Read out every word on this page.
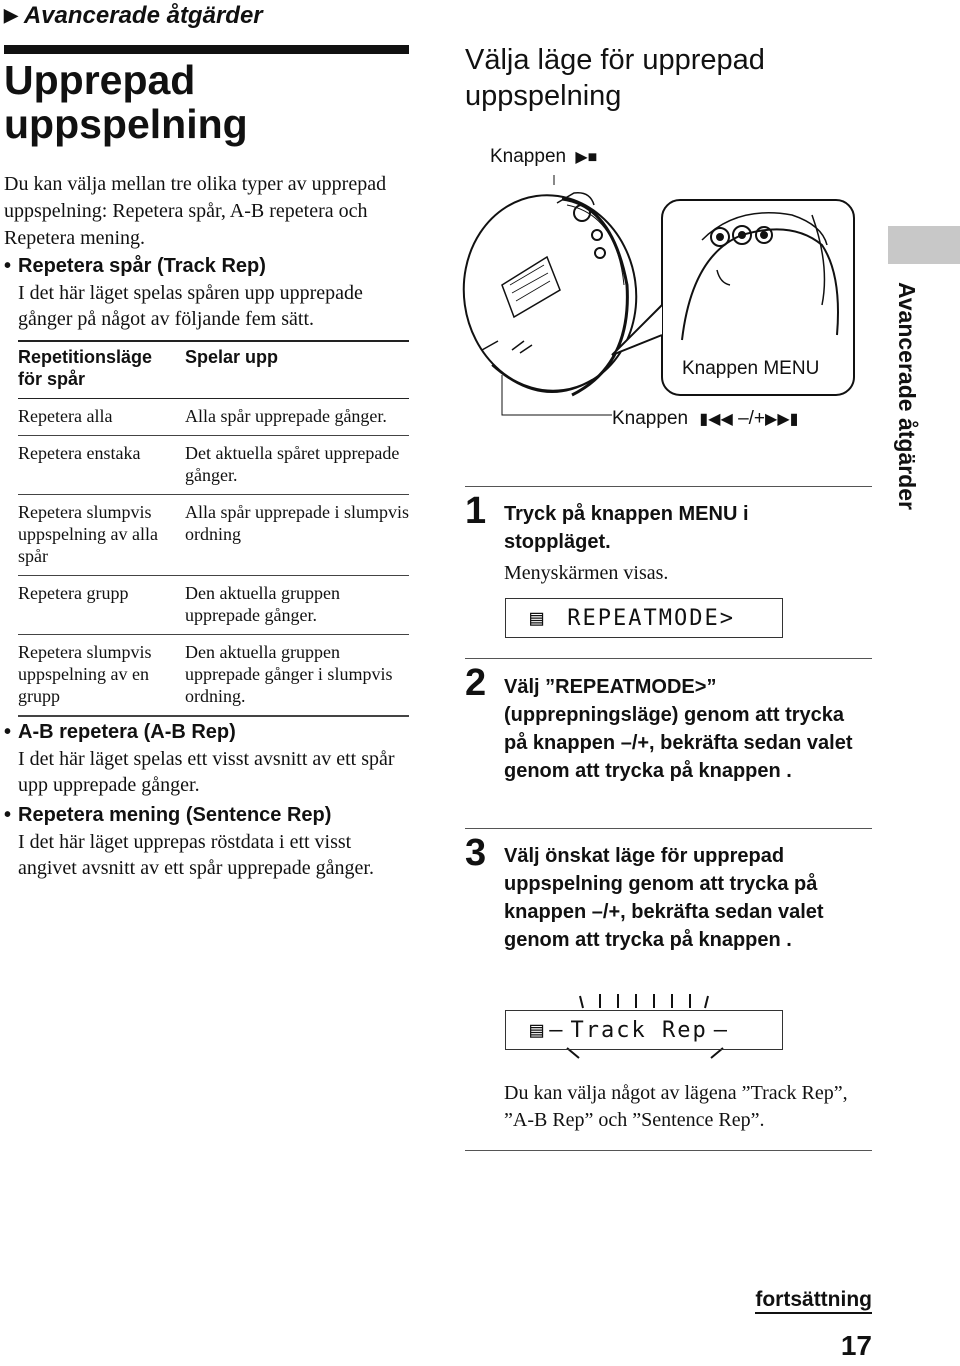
▶ Avancerade åtgärder
Upprepad uppspelning
Du kan välja mellan tre olika typer av upprepad uppspelning: Repetera spår, A-B repetera och Repetera mening.
• Repetera spår (Track Rep)
I det här läget spelas spåren upp upprepade gånger på något av följande fem sätt.
Repetitionsläge för spår	Spelar upp
Repetera alla	Alla spår upprepade gånger.
Repetera enstaka	Det aktuella spåret upprepade gånger.
Repetera slumpvis uppspelning av alla spår	Alla spår upprepade i slumpvis ordning
Repetera grupp	Den aktuella gruppen upprepade gånger.
Repetera slumpvis uppspelning av en grupp	Den aktuella gruppen upprepade gånger i slumpvis ordning.
• A-B repetera (A-B Rep)
I det här läget spelas ett visst avsnitt av ett spår upp upprepade gånger.
• Repetera mening (Sentence Rep)
I det här läget upprepas röstdata i ett visst angivet avsnitt av ett spår upprepade gånger.
Välja läge för upprepad uppspelning
Knappen ▶■
Knappen MENU
Knappen ▮◀◀ –/+▶▶▮
1 Tryck på knappen MENU i stoppläget.
Menyskärmen visas.
▤ REPEATMODE>
2 Välj ”REPEATMODE>” (upprepningsläge) genom att trycka på knappen –/+, bekräfta sedan valet genom att trycka på knappen .
3 Välj önskat läge för upprepad uppspelning genom att trycka på knappen –/+, bekräfta sedan valet genom att trycka på knappen .
▤ – Track Rep –
Du kan välja något av lägena ”Track Rep”, ”A-B Rep” och ”Sentence Rep”.
Avancerade åtgärder
fortsättning
17
